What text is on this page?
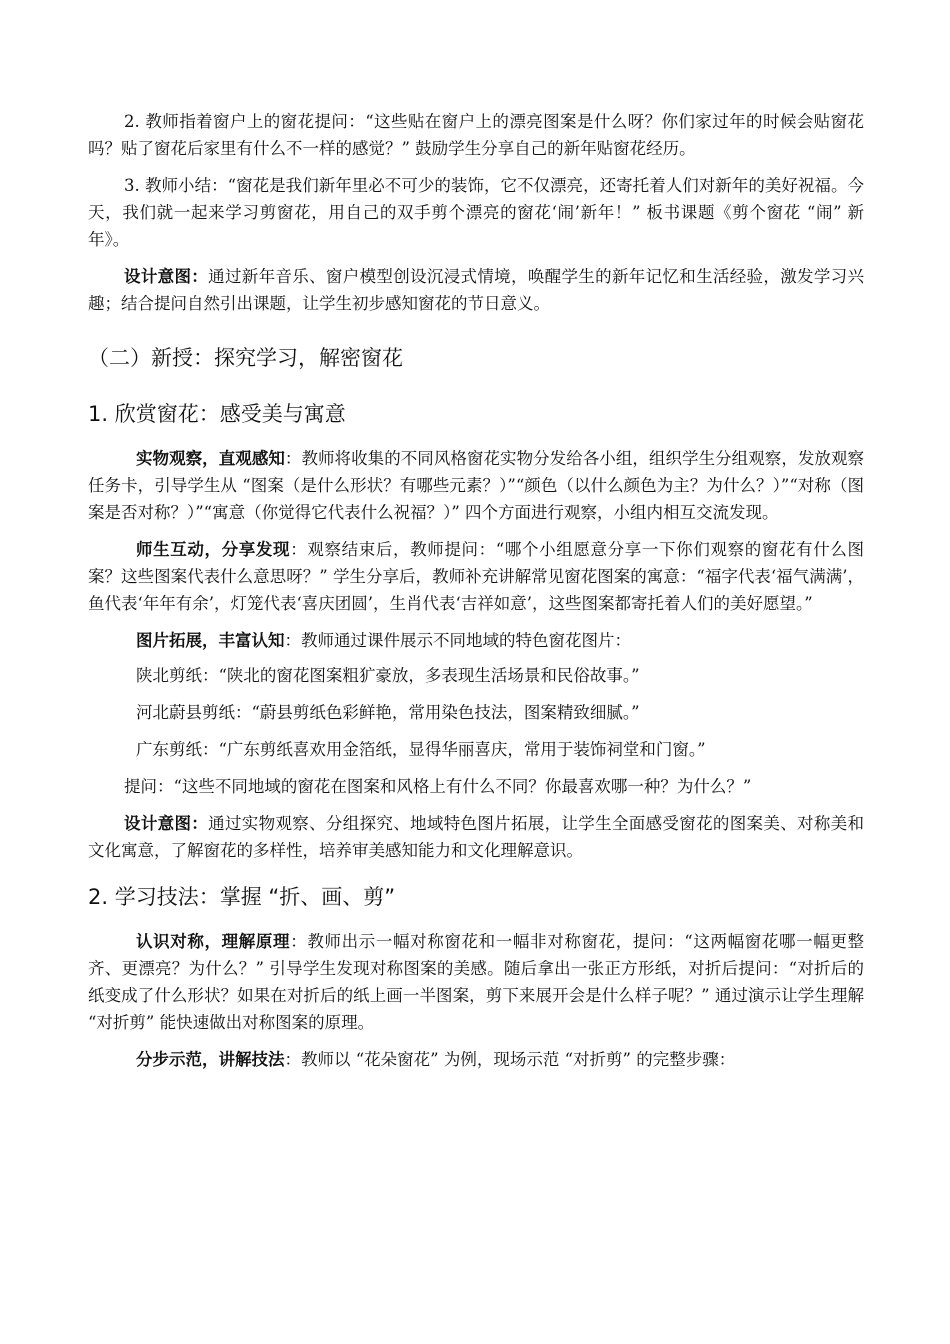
2. 教师指着窗户上的窗花提问：“这些贴在窗户上的漂亮图案是什么呀？你们家过年的时候会贴窗花吗？贴了窗花后家里有什么不一样的感觉？” 鼓励学生分享自己的新年贴窗花经历。

3. 教师小结：“窗花是我们新年里必不可少的装饰，它不仅漂亮，还寄托着人们对新年的美好祝福。今天，我们就一起来学习剪窗花，用自己的双手剪个漂亮的窗花‘闹’新年！” 板书课题《剪个窗花 “闹” 新年》。

设计意图：通过新年音乐、窗户模型创设沉浸式情境，唤醒学生的新年记忆和生活经验，激发学习兴趣；结合提问自然引出课题，让学生初步感知窗花的节日意义。

（二）新授：探究学习，解密窗花
1. 欣赏窗花：感受美与寓意

实物观察，直观感知：教师将收集的不同风格窗花实物分发给各小组，组织学生分组观察，发放观察任务卡，引导学生从 “图案（是什么形状？有哪些元素？）”“颜色（以什么颜色为主？为什么？）”“对称（图案是否对称？）”“寓意（你觉得它代表什么祝福？）” 四个方面进行观察，小组内相互交流发现。

师生互动，分享发现：观察结束后，教师提问：“哪个小组愿意分享一下你们观察的窗花有什么图案？这些图案代表什么意思呀？” 学生分享后，教师补充讲解常见窗花图案的寓意：“福字代表‘福气满满’，鱼代表‘年年有余’，灯笼代表‘喜庆团圆’，生肖代表‘吉祥如意’，这些图案都寄托着人们的美好愿望。”

图片拓展，丰富认知：教师通过课件展示不同地域的特色窗花图片：

陕北剪纸：“陕北的窗花图案粗犷豪放，多表现生活场景和民俗故事。”

河北蔚县剪纸：“蔚县剪纸色彩鲜艳，常用染色技法，图案精致细腻。”

广东剪纸：“广东剪纸喜欢用金箔纸，显得华丽喜庆，常用于装饰祠堂和门窗。”

提问：“这些不同地域的窗花在图案和风格上有什么不同？你最喜欢哪一种？为什么？”

设计意图：通过实物观察、分组探究、地域特色图片拓展，让学生全面感受窗花的图案美、对称美和文化寓意，了解窗花的多样性，培养审美感知能力和文化理解意识。

2. 学习技法：掌握 “折、画、剪”

认识对称，理解原理：教师出示一幅对称窗花和一幅非对称窗花，提问：“这两幅窗花哪一幅更整齐、更漂亮？为什么？” 引导学生发现对称图案的美感。随后拿出一张正方形纸，对折后提问：“对折后的纸变成了什么形状？如果在对折后的纸上画一半图案，剪下来展开会是什么样子呢？” 通过演示让学生理解 “对折剪” 能快速做出对称图案的原理。

分步示范，讲解技法：教师以 “花朵窗花” 为例，现场示范 “对折剪” 的完整步骤：
